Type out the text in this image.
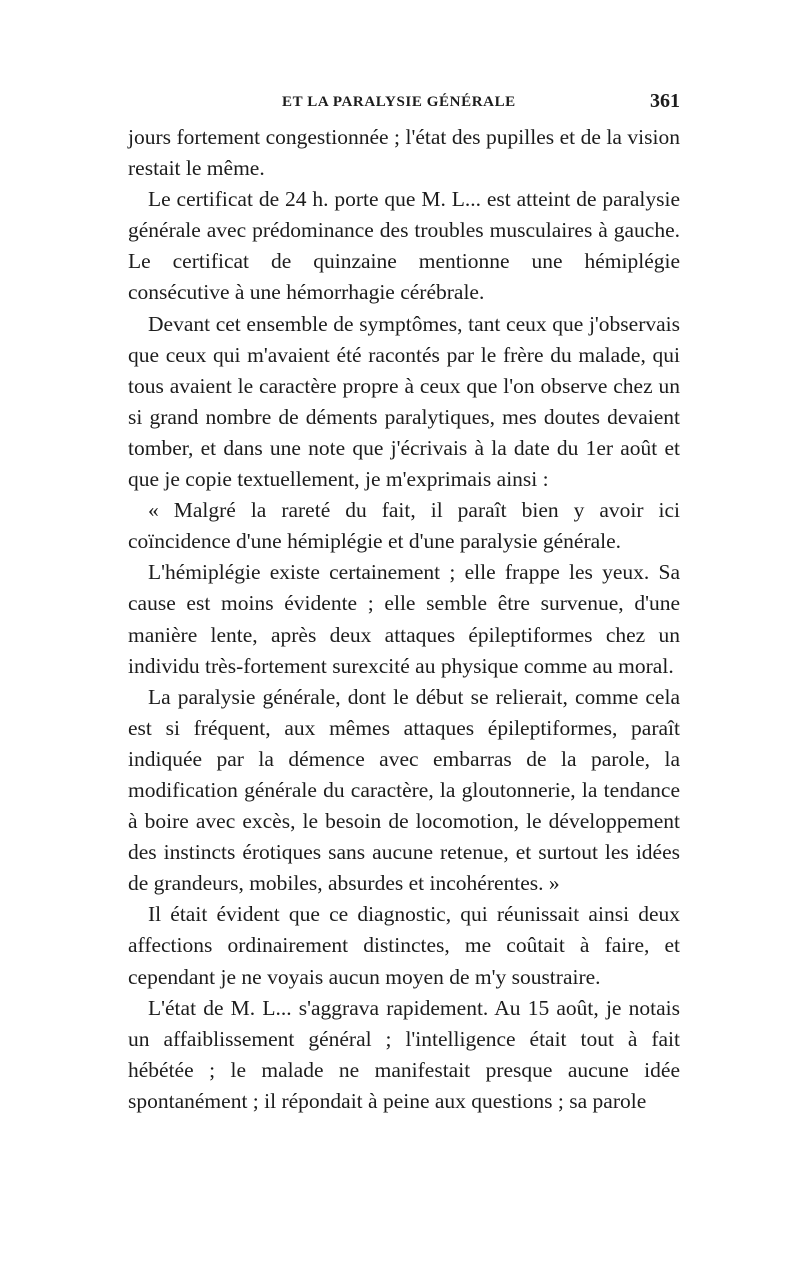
ET LA PARALYSIE GÉNÉRALE	361

jours fortement congestionnée ; l'état des pupilles et de la vision restait le même.

Le certificat de 24 h. porte que M. L... est atteint de paralysie générale avec prédominance des troubles musculaires à gauche. Le certificat de quinzaine mentionne une hémiplégie consécutive à une hémorrhagie cérébrale.

Devant cet ensemble de symptômes, tant ceux que j'observais que ceux qui m'avaient été racontés par le frère du malade, qui tous avaient le caractère propre à ceux que l'on observe chez un si grand nombre de déments paralytiques, mes doutes devaient tomber, et dans une note que j'écrivais à la date du 1er août et que je copie textuellement, je m'exprimais ainsi :

« Malgré la rareté du fait, il paraît bien y avoir ici coïncidence d'une hémiplégie et d'une paralysie générale.

L'hémiplégie existe certainement ; elle frappe les yeux. Sa cause est moins évidente ; elle semble être survenue, d'une manière lente, après deux attaques épileptiformes chez un individu très-fortement surexcité au physique comme au moral.

La paralysie générale, dont le début se relierait, comme cela est si fréquent, aux mêmes attaques épileptiformes, paraît indiquée par la démence avec embarras de la parole, la modification générale du caractère, la gloutonnerie, la tendance à boire avec excès, le besoin de locomotion, le développement des instincts érotiques sans aucune retenue, et surtout les idées de grandeurs, mobiles, absurdes et incohérentes. »

Il était évident que ce diagnostic, qui réunissait ainsi deux affections ordinairement distinctes, me coûtait à faire, et cependant je ne voyais aucun moyen de m'y soustraire.

L'état de M. L... s'aggrava rapidement. Au 15 août, je notais un affaiblissement général ; l'intelligence était tout à fait hébétée ; le malade ne manifestait presque aucune idée spontanément ; il répondait à peine aux questions ; sa parole
